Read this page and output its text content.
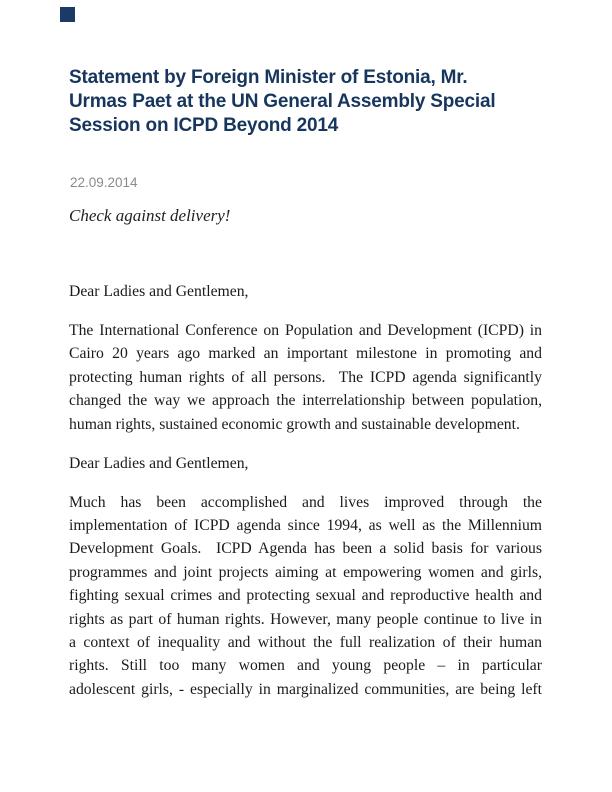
Statement by Foreign Minister of Estonia, Mr.
Urmas Paet at the UN General Assembly Special
Session on ICPD Beyond 2014
22.09.2014
Check against delivery!
Dear Ladies and Gentlemen,
The International Conference on Population and Development (ICPD) in
Cairo 20 years ago marked an important milestone in promoting and
protecting human rights of all persons.  The ICPD agenda significantly
changed the way we approach the interrelationship between population,
human rights, sustained economic growth and sustainable development.
Dear Ladies and Gentlemen,
Much has been accomplished and lives improved through the
implementation of ICPD agenda since 1994, as well as the Millennium
Development Goals.  ICPD Agenda has been a solid basis for various
programmes and joint projects aiming at empowering women and girls,
fighting sexual crimes and protecting sexual and reproductive health and
rights as part of human rights. However, many people continue to live in
a context of inequality and without the full realization of their human
rights. Still too many women and young people – in particular
adolescent girls, - especially in marginalized communities, are being left
